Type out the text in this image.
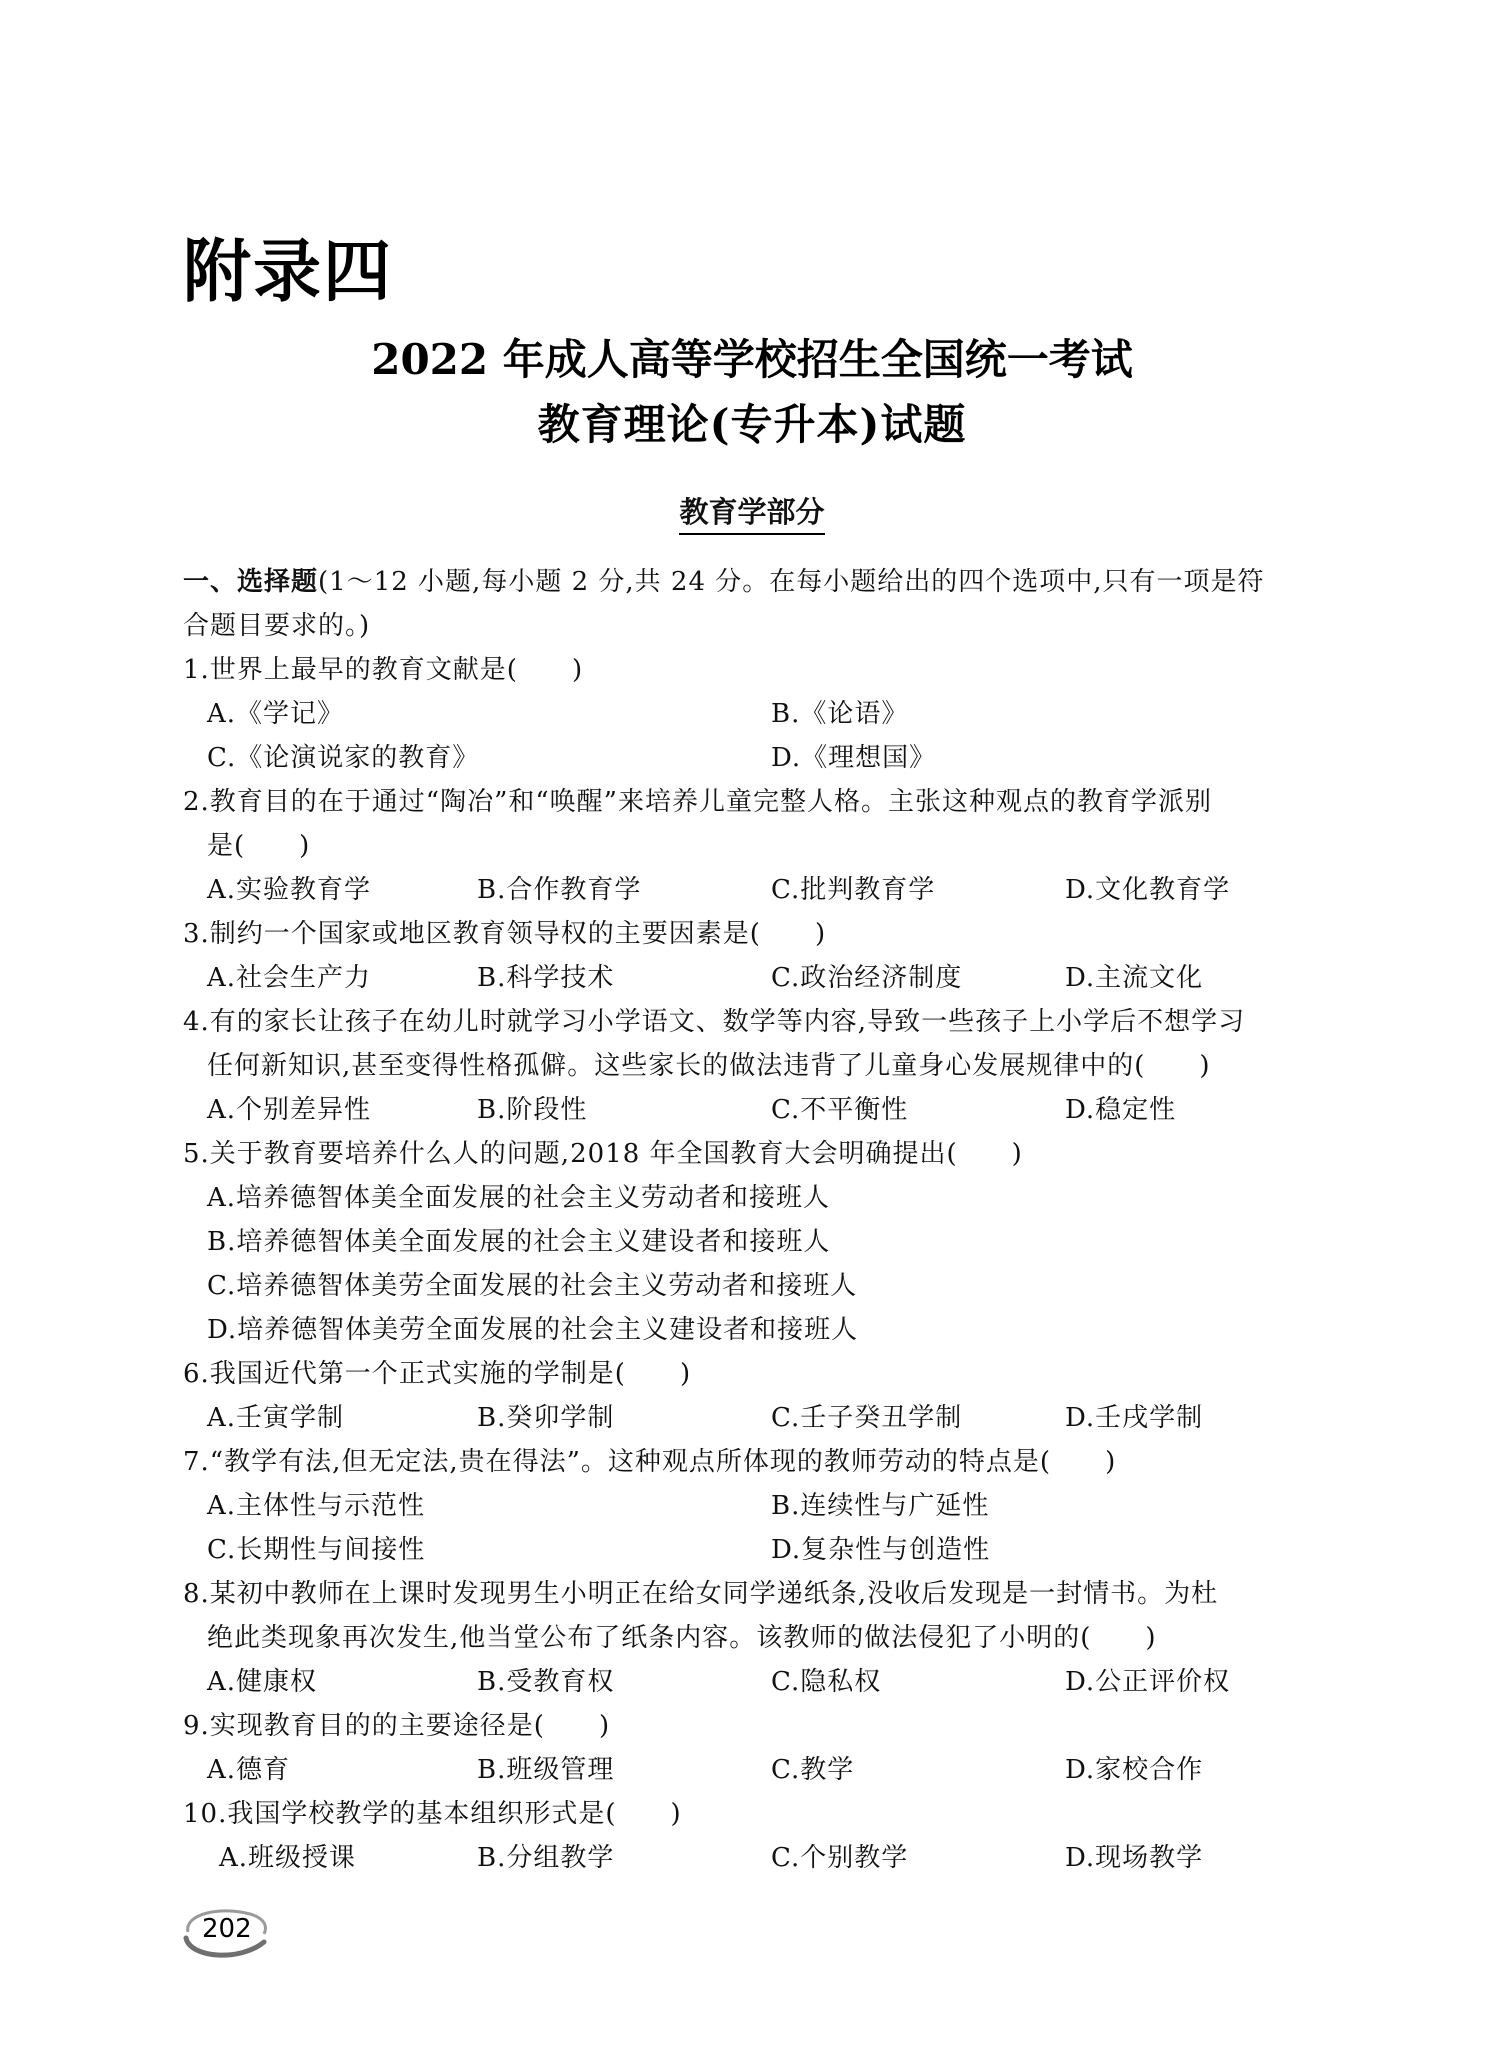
附录四
2022 年成人高等学校招生全国统一考试
教育理论(专升本)试题
教育学部分
一、选择题(1～12 小题,每小题 2 分,共 24 分。在每小题给出的四个选项中,只有一项是符
合题目要求的。)
1.世界上最早的教育文献是(　　)
A.《学记》	B.《论语》
C.《论演说家的教育》	D.《理想国》
2.教育目的在于通过“陶冶”和“唤醒”来培养儿童完整人格。主张这种观点的教育学派别
是(　　)
A.实验教育学	B.合作教育学	C.批判教育学	D.文化教育学
3.制约一个国家或地区教育领导权的主要因素是(　　)
A.社会生产力	B.科学技术	C.政治经济制度	D.主流文化
4.有的家长让孩子在幼儿时就学习小学语文、数学等内容,导致一些孩子上小学后不想学习
任何新知识,甚至变得性格孤僻。这些家长的做法违背了儿童身心发展规律中的(　　)
A.个别差异性	B.阶段性	C.不平衡性	D.稳定性
5.关于教育要培养什么人的问题,2018 年全国教育大会明确提出(　　)
A.培养德智体美全面发展的社会主义劳动者和接班人
B.培养德智体美全面发展的社会主义建设者和接班人
C.培养德智体美劳全面发展的社会主义劳动者和接班人
D.培养德智体美劳全面发展的社会主义建设者和接班人
6.我国近代第一个正式实施的学制是(　　)
A.壬寅学制	B.癸卯学制	C.壬子癸丑学制	D.壬戌学制
7.“教学有法,但无定法,贵在得法”。这种观点所体现的教师劳动的特点是(　　)
A.主体性与示范性	B.连续性与广延性
C.长期性与间接性	D.复杂性与创造性
8.某初中教师在上课时发现男生小明正在给女同学递纸条,没收后发现是一封情书。为杜
绝此类现象再次发生,他当堂公布了纸条内容。该教师的做法侵犯了小明的(　　)
A.健康权	B.受教育权	C.隐私权	D.公正评价权
9.实现教育目的的主要途径是(　　)
A.德育	B.班级管理	C.教学	D.家校合作
10.我国学校教学的基本组织形式是(　　)
A.班级授课	B.分组教学	C.个别教学	D.现场教学
202
